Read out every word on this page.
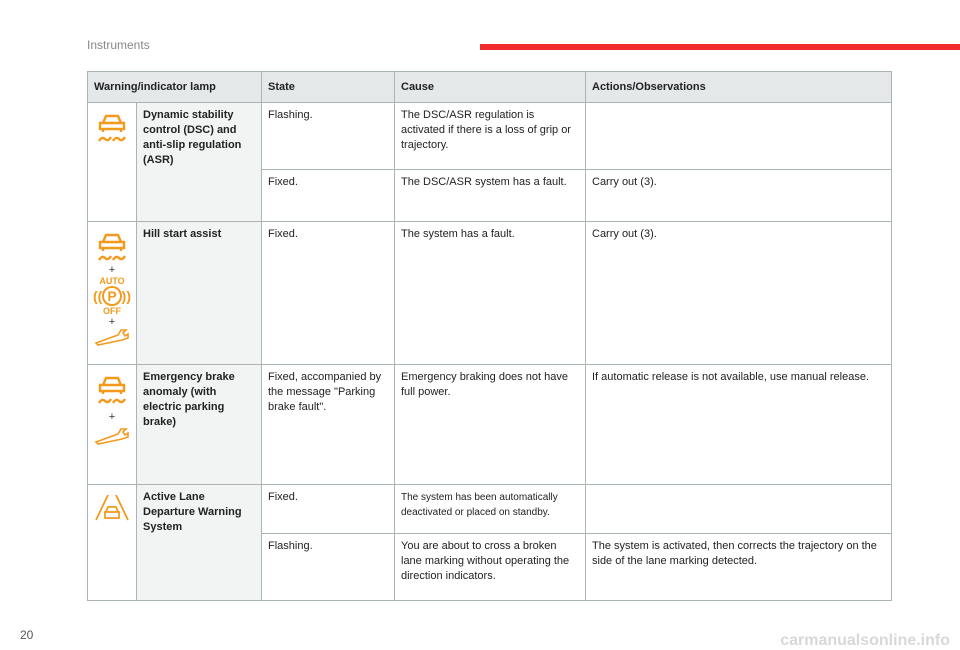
Instruments
Warning/indicator lamp		State	Cause	Actions/Observations

	Dynamic stability control (DSC) and anti-slip regulation (ASR)	Flashing.	The DSC/ASR regulation is activated if there is a loss of grip or trajectory.	
		Fixed.	The DSC/ASR system has a fault.	Carry out (3).

+
AUTO
(( P ))
OFF
+	Hill start assist	Fixed.	The system has a fault.	Carry out (3).

+	Emergency brake anomaly (with electric parking brake)	Fixed, accompanied by the message "Parking brake fault".	Emergency braking does not have full power.	If automatic release is not available, use manual release.

	Active Lane Departure Warning System	Fixed.	The system has been automatically deactivated or placed on standby.	
		Flashing.	You are about to cross a broken lane marking without operating the direction indicators.	The system is activated, then corrects the trajectory on the side of the lane marking detected.
20	carmanualsonline.info
